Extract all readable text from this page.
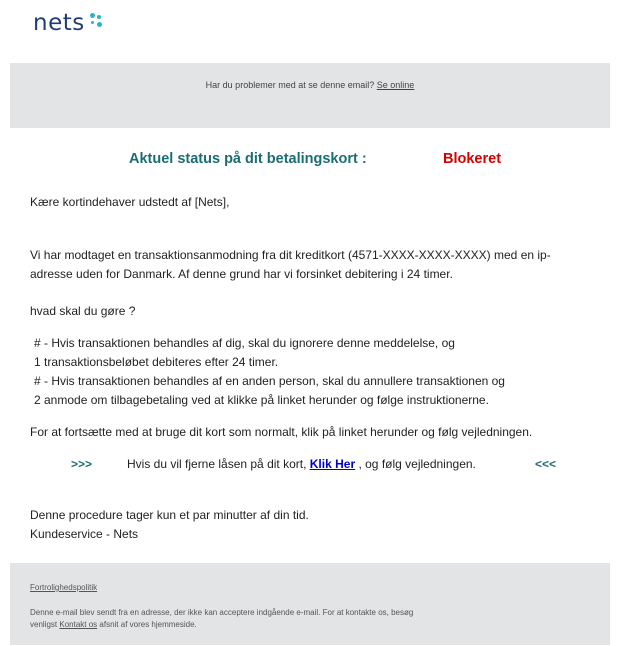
nets
Har du problemer med at se denne email? Se online
Aktuel status på dit betalingskort :	Blokeret
Kære kortindehaver udstedt af [Nets],
Vi har modtaget en transaktionsanmodning fra dit kreditkort (4571-XXXX-XXXX-XXXX) med en ip-
adresse uden for Danmark. Af denne grund har vi forsinket debitering i 24 timer.
hvad skal du gøre ?
# - Hvis transaktionen behandles af dig, skal du ignorere denne meddelelse, og
1 transaktionsbeløbet debiteres efter 24 timer.
# - Hvis transaktionen behandles af en anden person, skal du annullere transaktionen og
2 anmode om tilbagebetaling ved at klikke på linket herunder og følge instruktionerne.
For at fortsætte med at bruge dit kort som normalt, klik på linket herunder og følg vejledningen.
>>>	Hvis du vil fjerne låsen på dit kort, Klik Her , og følg vejledningen.	<<<
Denne procedure tager kun et par minutter af din tid.
Kundeservice - Nets
Fortrolighedspolitik
Denne e-mail blev sendt fra en adresse, der ikke kan acceptere indgående e-mail. For at kontakte os, besøg
venligst Kontakt os afsnit af vores hjemmeside.
